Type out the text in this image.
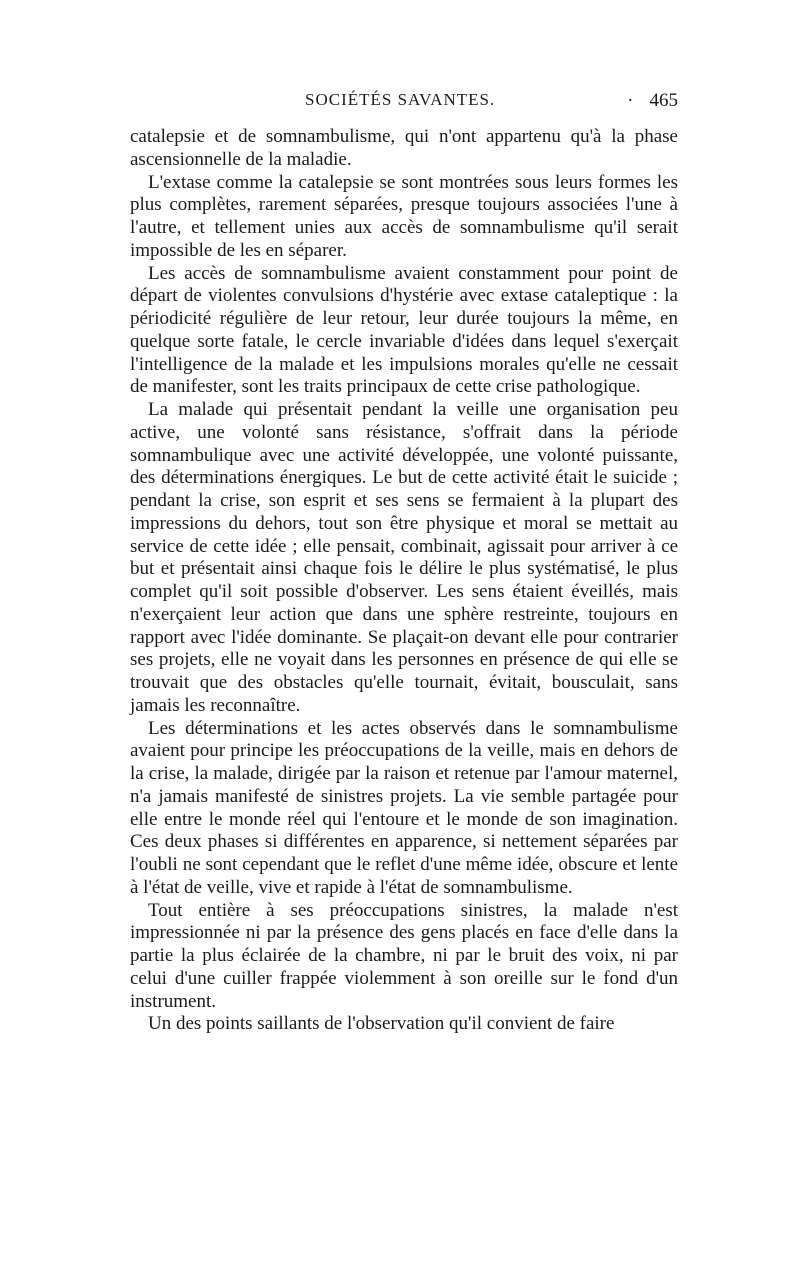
SOCIÉTÉS SAVANTES.	· 465

catalepsie et de somnambulisme, qui n'ont appartenu qu'à la phase ascensionnelle de la maladie.

L'extase comme la catalepsie se sont montrées sous leurs formes les plus complètes, rarement séparées, presque toujours associées l'une à l'autre, et tellement unies aux accès de somnambulisme qu'il serait impossible de les en séparer.

Les accès de somnambulisme avaient constamment pour point de départ de violentes convulsions d'hystérie avec extase cataleptique : la périodicité régulière de leur retour, leur durée toujours la même, en quelque sorte fatale, le cercle invariable d'idées dans lequel s'exerçait l'intelligence de la malade et les impulsions morales qu'elle ne cessait de manifester, sont les traits principaux de cette crise pathologique.

La malade qui présentait pendant la veille une organisation peu active, une volonté sans résistance, s'offrait dans la période somnambulique avec une activité développée, une volonté puissante, des déterminations énergiques. Le but de cette activité était le suicide ; pendant la crise, son esprit et ses sens se fermaient à la plupart des impressions du dehors, tout son être physique et moral se mettait au service de cette idée ; elle pensait, combinait, agissait pour arriver à ce but et présentait ainsi chaque fois le délire le plus systématisé, le plus complet qu'il soit possible d'observer. Les sens étaient éveillés, mais n'exerçaient leur action que dans une sphère restreinte, toujours en rapport avec l'idée dominante. Se plaçait-on devant elle pour contrarier ses projets, elle ne voyait dans les personnes en présence de qui elle se trouvait que des obstacles qu'elle tournait, évitait, bousculait, sans jamais les reconnaître.

Les déterminations et les actes observés dans le somnambulisme avaient pour principe les préoccupations de la veille, mais en dehors de la crise, la malade, dirigée par la raison et retenue par l'amour maternel, n'a jamais manifesté de sinistres projets. La vie semble partagée pour elle entre le monde réel qui l'entoure et le monde de son imagination. Ces deux phases si différentes en apparence, si nettement séparées par l'oubli ne sont cependant que le reflet d'une même idée, obscure et lente à l'état de veille, vive et rapide à l'état de somnambulisme.

Tout entière à ses préoccupations sinistres, la malade n'est impressionnée ni par la présence des gens placés en face d'elle dans la partie la plus éclairée de la chambre, ni par le bruit des voix, ni par celui d'une cuiller frappée violemment à son oreille sur le fond d'un instrument.

Un des points saillants de l'observation qu'il convient de faire
